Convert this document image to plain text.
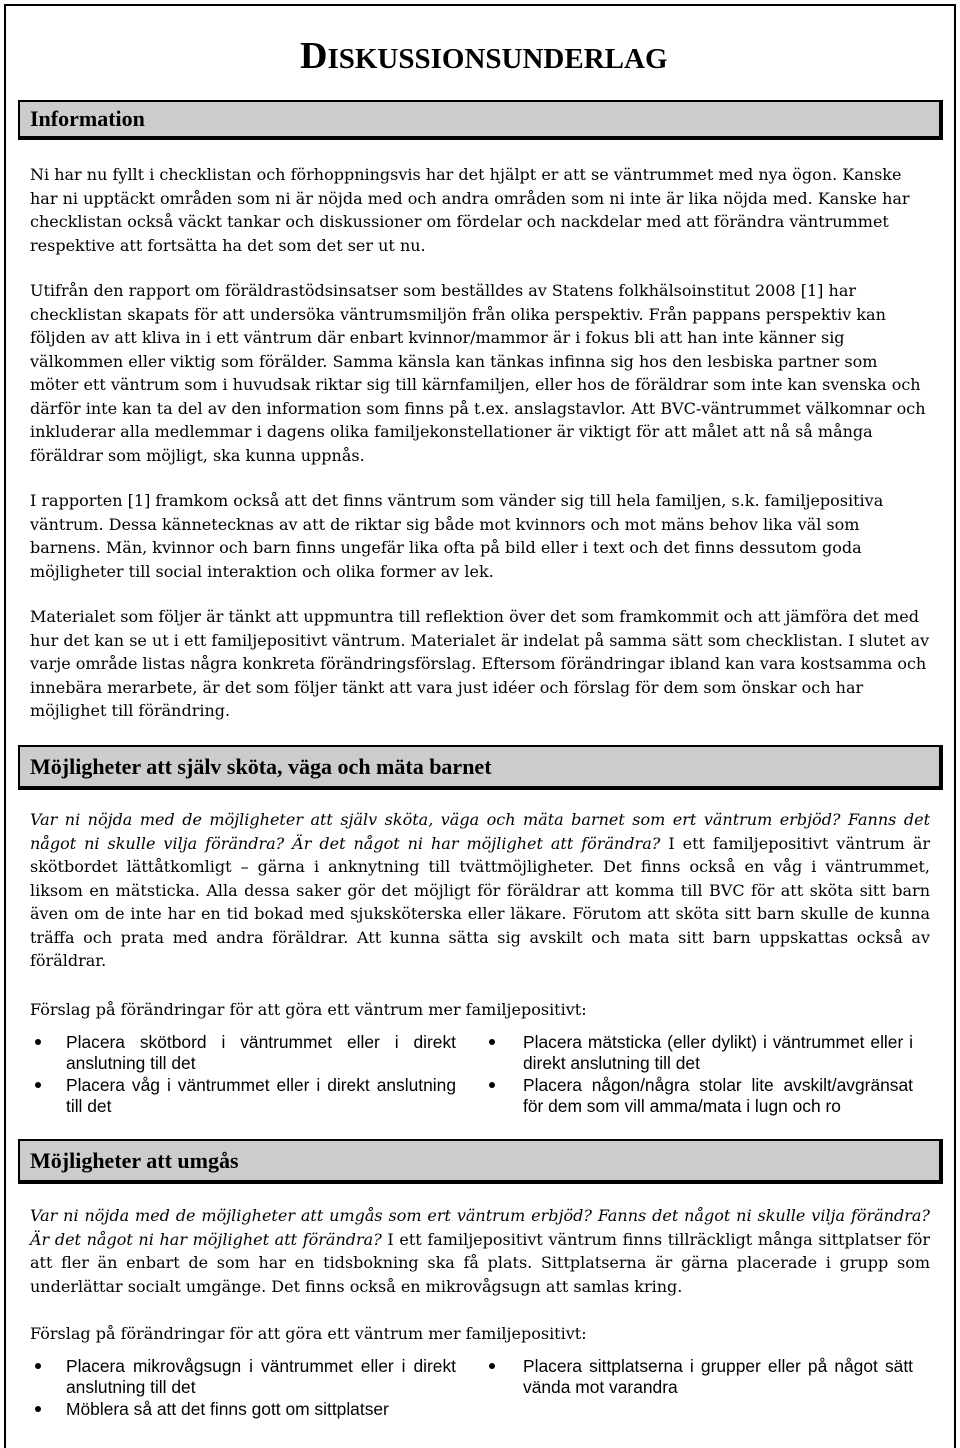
DISKUSSIONSUNDERLAG
Information

Ni har nu fyllt i checklistan och förhoppningsvis har det hjälpt er att se väntrummet med nya ögon. Kanske har ni upptäckt områden som ni är nöjda med och andra områden som ni inte är lika nöjda med. Kanske har checklistan också väckt tankar och diskussioner om fördelar och nackdelar med att förändra väntrummet respektive att fortsätta ha det som det ser ut nu.

Utifrån den rapport om föräldrastödsinsatser som beställdes av Statens folkhälsoinstitut 2008 [1] har checklistan skapats för att undersöka väntrumsmiljön från olika perspektiv. Från pappans perspektiv kan följden av att kliva in i ett väntrum där enbart kvinnor/mammor är i fokus bli att han inte känner sig välkommen eller viktig som förälder. Samma känsla kan tänkas infinna sig hos den lesbiska partner som möter ett väntrum som i huvudsak riktar sig till kärnfamiljen, eller hos de föräldrar som inte kan svenska och därför inte kan ta del av den information som finns på t.ex. anslagstavlor. Att BVC-väntrummet välkomnar och inkluderar alla medlemmar i dagens olika familjekonstellationer är viktigt för att målet att nå så många föräldrar som möjligt, ska kunna uppnås.

I rapporten [1] framkom också att det finns väntrum som vänder sig till hela familjen, s.k. familjepositiva väntrum. Dessa kännetecknas av att de riktar sig både mot kvinnors och mot mäns behov lika väl som barnens. Män, kvinnor och barn finns ungefär lika ofta på bild eller i text och det finns dessutom goda möjligheter till social interaktion och olika former av lek.

Materialet som följer är tänkt att uppmuntra till reflektion över det som framkommit och att jämföra det med hur det kan se ut i ett familjepositivt väntrum. Materialet är indelat på samma sätt som checklistan. I slutet av varje område listas några konkreta förändringsförslag. Eftersom förändringar ibland kan vara kostsamma och innebära merarbete, är det som följer tänkt att vara just idéer och förslag för dem som önskar och har möjlighet till förändring.

Möjligheter att själv sköta, väga och mäta barnet

Var ni nöjda med de möjligheter att själv sköta, väga och mäta barnet som ert väntrum erbjöd? Fanns det något ni skulle vilja förändra? Är det något ni har möjlighet att förändra? I ett familjepositivt väntrum är skötbordet lättåtkomligt – gärna i anknytning till tvättmöjligheter. Det finns också en våg i väntrummet, liksom en mätsticka. Alla dessa saker gör det möjligt för föräldrar att komma till BVC för att sköta sitt barn även om de inte har en tid bokad med sjuksköterska eller läkare. Förutom att sköta sitt barn skulle de kunna träffa och prata med andra föräldrar. Att kunna sätta sig avskilt och mata sitt barn uppskattas också av föräldrar.

Förslag på förändringar för att göra ett väntrum mer familjepositivt:

Placera skötbord i väntrummet eller i direkt anslutning till det
Placera våg i väntrummet eller i direkt anslutning till det
Placera mätsticka (eller dylikt) i väntrummet eller i direkt anslutning till det
Placera någon/några stolar lite avskilt/avgränsat för dem som vill amma/mata i lugn och ro
Möjligheter att umgås

Var ni nöjda med de möjligheter att umgås som ert väntrum erbjöd? Fanns det något ni skulle vilja förändra? Är det något ni har möjlighet att förändra? I ett familjepositivt väntrum finns tillräckligt många sittplatser för att fler än enbart de som har en tidsbokning ska få plats. Sittplatserna är gärna placerade i grupp som underlättar socialt umgänge. Det finns också en mikrovågsugn att samlas kring.

Förslag på förändringar för att göra ett väntrum mer familjepositivt:

Placera mikrovågsugn i väntrummet eller i direkt anslutning till det
Möblera så att det finns gott om sittplatser
Placera sittplatserna i grupper eller på något sätt vända mot varandra
